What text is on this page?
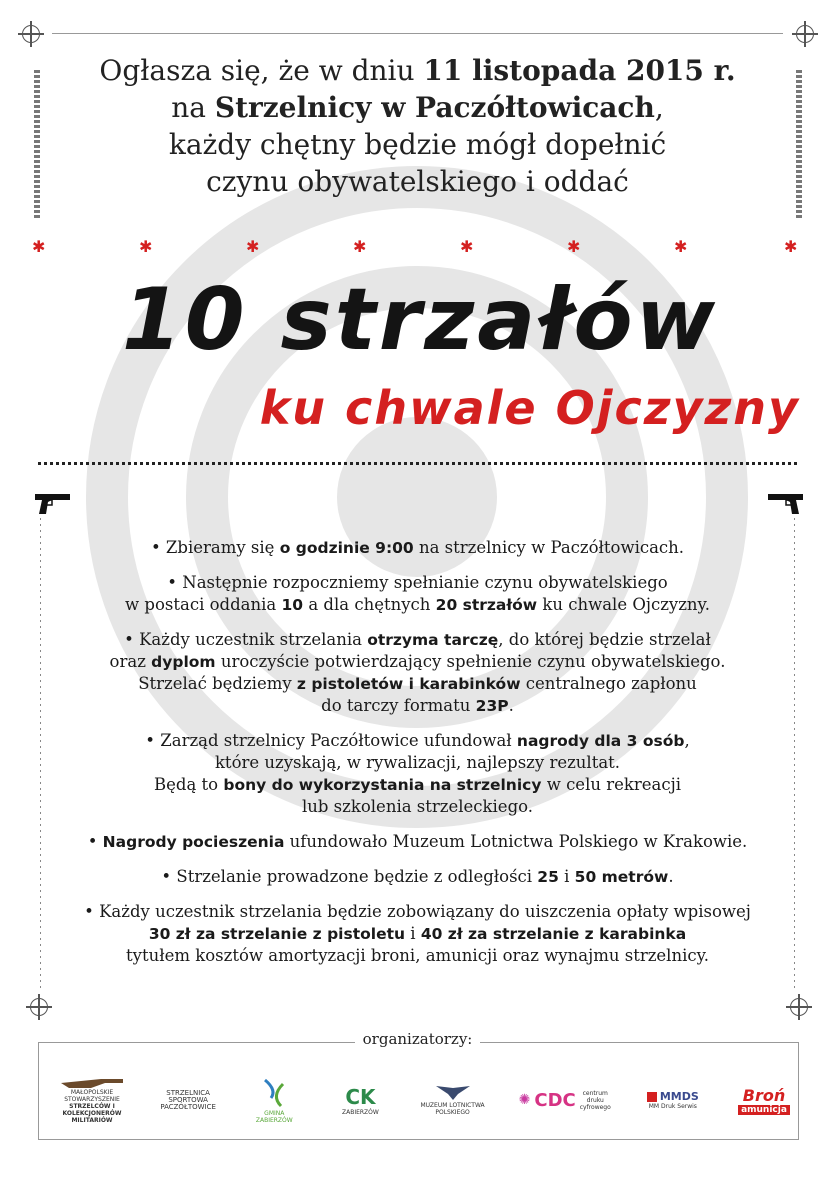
Ogłasza się, że w dniu 11 listopada 2015 r.
na Strzelnicy w Paczółtowicach,
każdy chętny będzie mógł dopełnić
czynu obywatelskiego i oddać
✱	✱	✱	✱	✱	✱	✱	✱
10 strzałów
ku chwale Ojczyzny

• Zbieramy się o godzinie 9:00 na strzelnicy w Paczółtowicach.

• Następnie rozpoczniemy spełnianie czynu obywatelskiego
w postaci oddania 10 a dla chętnych 20 strzałów ku chwale Ojczyzny.

• Każdy uczestnik strzelania otrzyma tarczę, do której będzie strzelał
oraz dyplom uroczyście potwierdzający spełnienie czynu obywatelskiego.
Strzelać będziemy z pistoletów i karabinków centralnego zapłonu
do tarczy formatu 23P.

• Zarząd strzelnicy Paczółtowice ufundował nagrody dla 3 osób,
które uzyskają, w rywalizacji, najlepszy rezultat.
Będą to bony do wykorzystania na strzelnicy w celu rekreacji
lub szkolenia strzeleckiego.

• Nagrody pocieszenia ufundowało Muzeum Lotnictwa Polskiego w Krakowie.

• Strzelanie prowadzone będzie z odległości 25 i 50 metrów.

• Każdy uczestnik strzelania będzie zobowiązany do uiszczenia opłaty wpisowej
30 zł za strzelanie z pistoletu i 40 zł za strzelanie z karabinka
tytułem kosztów amortyzacji broni, amunicji oraz wynajmu strzelnicy.

organizatorzy:
MAŁOPOLSKIE STOWARZYSZENIE
STRZELCÓW I KOLEKCJONERÓW
MILITARIÓW
STRZELNICA SPORTOWA
PACZÓŁTOWICE
GMINA
ZABIERZÓW
CK
ZABIERZÓW
MUZEUM LOTNICTWA
POLSKIEGO
✺ CDC	centrum
druku
cyfrowego
MMDS
MM Druk Serwis
Broń
amunicja
